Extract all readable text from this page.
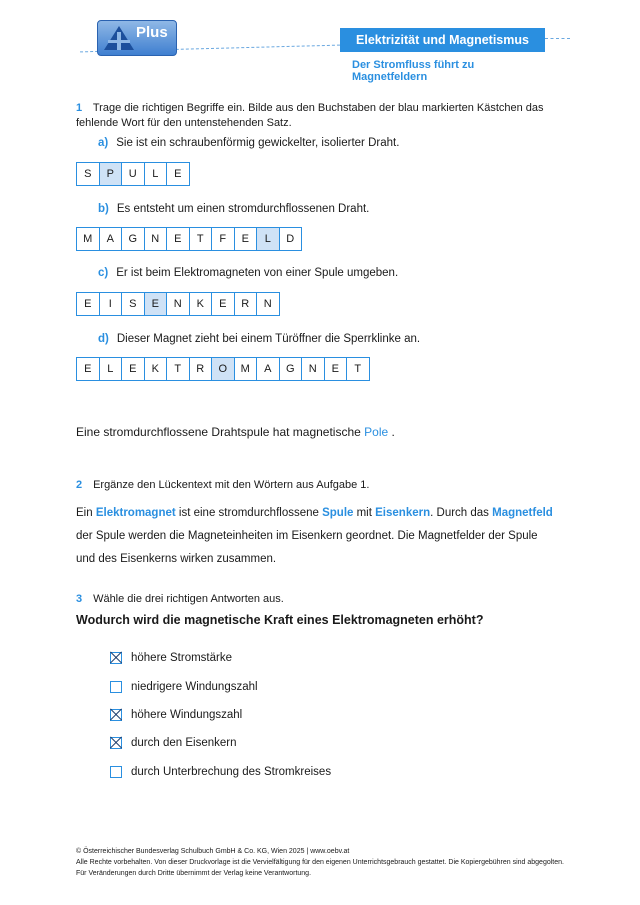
Plus	Elektrizität und Magnetismus
Der Stromfluss führt zu Magnetfeldern
1 Trage die richtigen Begriffe ein. Bilde aus den Buchstaben der blau markierten Kästchen das fehlende Wort für den untenstehenden Satz.
a) Sie ist ein schraubenförmig gewickelter, isolierter Draht.
S	P	U	L	E
b) Es entsteht um einen stromdurchflossenen Draht.
M	A	G	N	E	T	F	E	L	D
c) Er ist beim Elektromagneten von einer Spule umgeben.
E	I	S	E	N	K	E	R	N
d) Dieser Magnet zieht bei einem Türöffner die Sperrklinke an.
E	L	E	K	T	R	O	M	A	G	N	E	T
Eine stromdurchflossene Drahtspule hat magnetische Pole .
2 Ergänze den Lückentext mit den Wörtern aus Aufgabe 1.
Ein Elektromagnet ist eine stromdurchflossene Spule mit Eisenkern. Durch das Magnetfeld
der Spule werden die Magneteinheiten im Eisenkern geordnet. Die Magnetfelder der Spule
und des Eisenkerns wirken zusammen.
3 Wähle die drei richtigen Antworten aus.
Wodurch wird die magnetische Kraft eines Elektromagneten erhöht?
höhere Stromstärke
niedrigere Windungszahl
höhere Windungszahl
durch den Eisenkern
durch Unterbrechung des Stromkreises
© Österreichischer Bundesverlag Schulbuch GmbH & Co. KG, Wien 2025 | www.oebv.at
Alle Rechte vorbehalten. Von dieser Druckvorlage ist die Vervielfältigung für den eigenen Unterrichtsgebrauch gestattet. Die Kopiergebühren sind abgegolten.
Für Veränderungen durch Dritte übernimmt der Verlag keine Verantwortung.
